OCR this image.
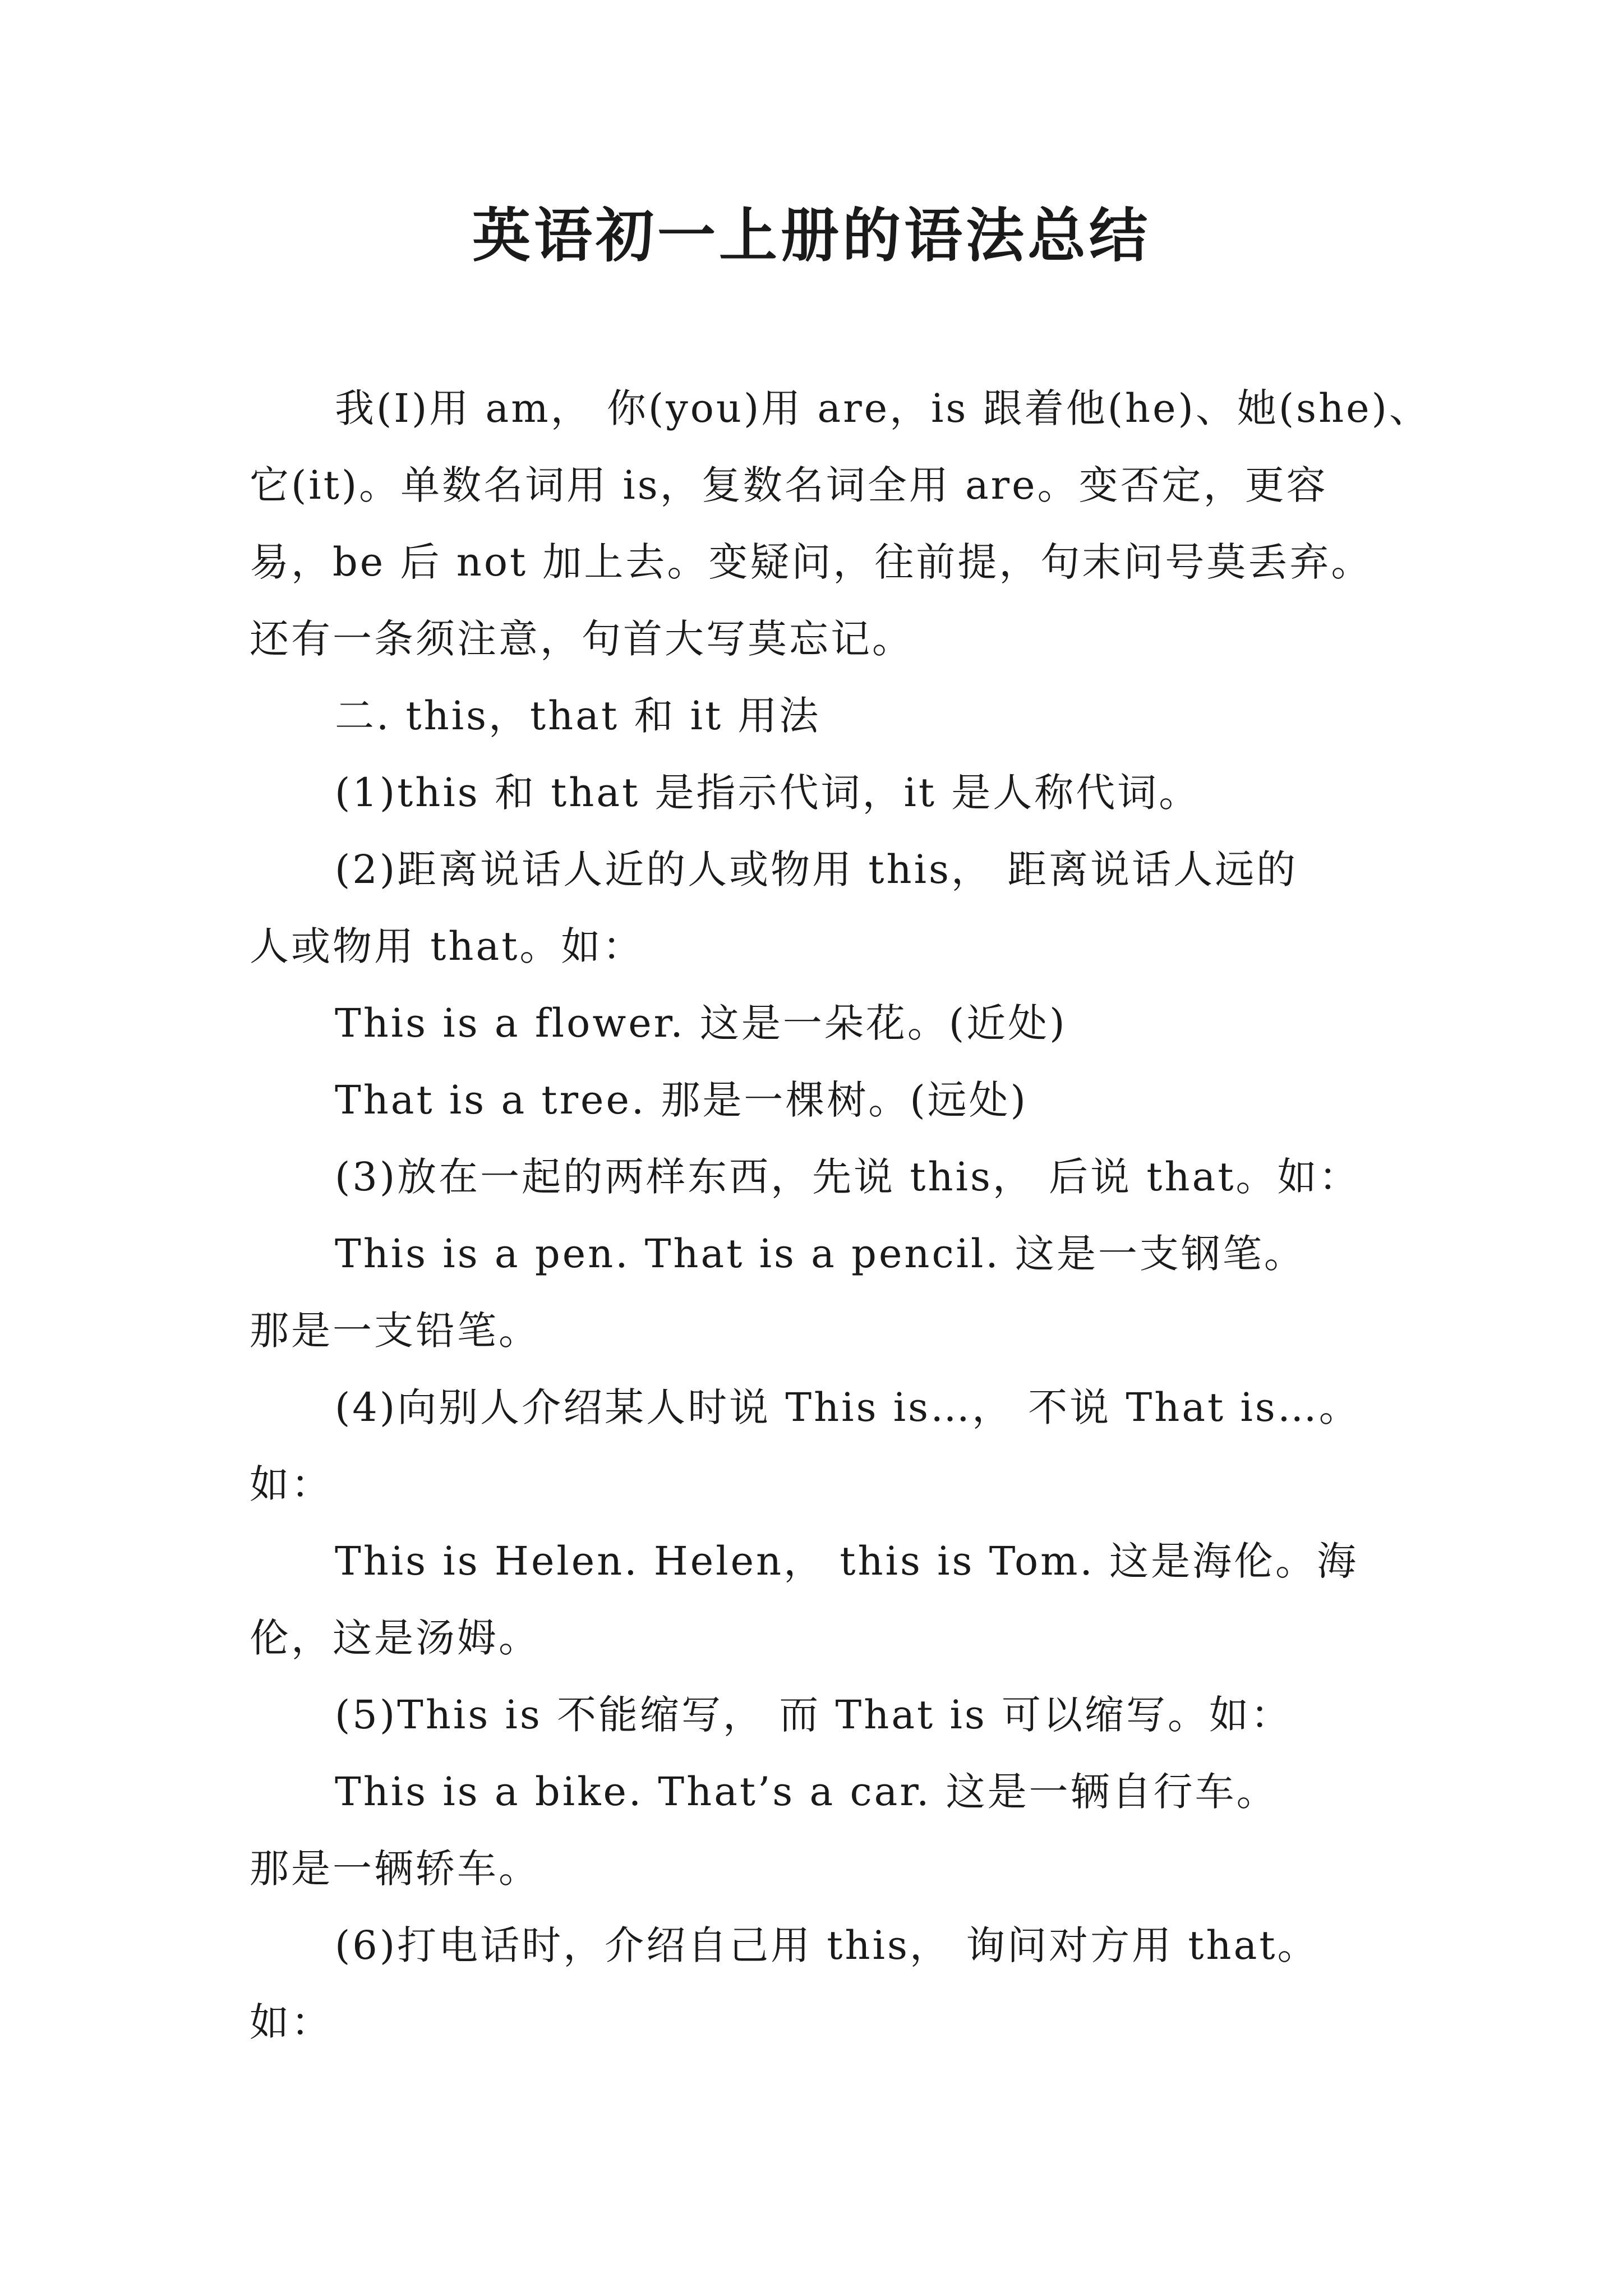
英语初一上册的语法总结

我(I)用 am， 你(you)用 are，is 跟着他(he)、她(she)、

它(it)。单数名词用 is，复数名词全用 are。变否定，更容

易，be 后 not 加上去。变疑问，往前提，句末问号莫丢弃。

还有一条须注意，句首大写莫忘记。

二. this，that 和 it 用法

(1)this 和 that 是指示代词，it 是人称代词。

(2)距离说话人近的人或物用 this， 距离说话人远的

人或物用 that。如：

This is a flower. 这是一朵花。(近处)

That is a tree. 那是一棵树。(远处)

(3)放在一起的两样东西，先说 this， 后说 that。如：

This is a pen. That is a pencil. 这是一支钢笔。

那是一支铅笔。

(4)向别人介绍某人时说 This is…， 不说 That is…。

如：

This is Helen. Helen， this is Tom. 这是海伦。海

伦，这是汤姆。

(5)This is 不能缩写， 而 That is 可以缩写。如：

This is a bike. That’s a car. 这是一辆自行车。

那是一辆轿车。

(6)打电话时，介绍自己用 this， 询问对方用 that。

如：
